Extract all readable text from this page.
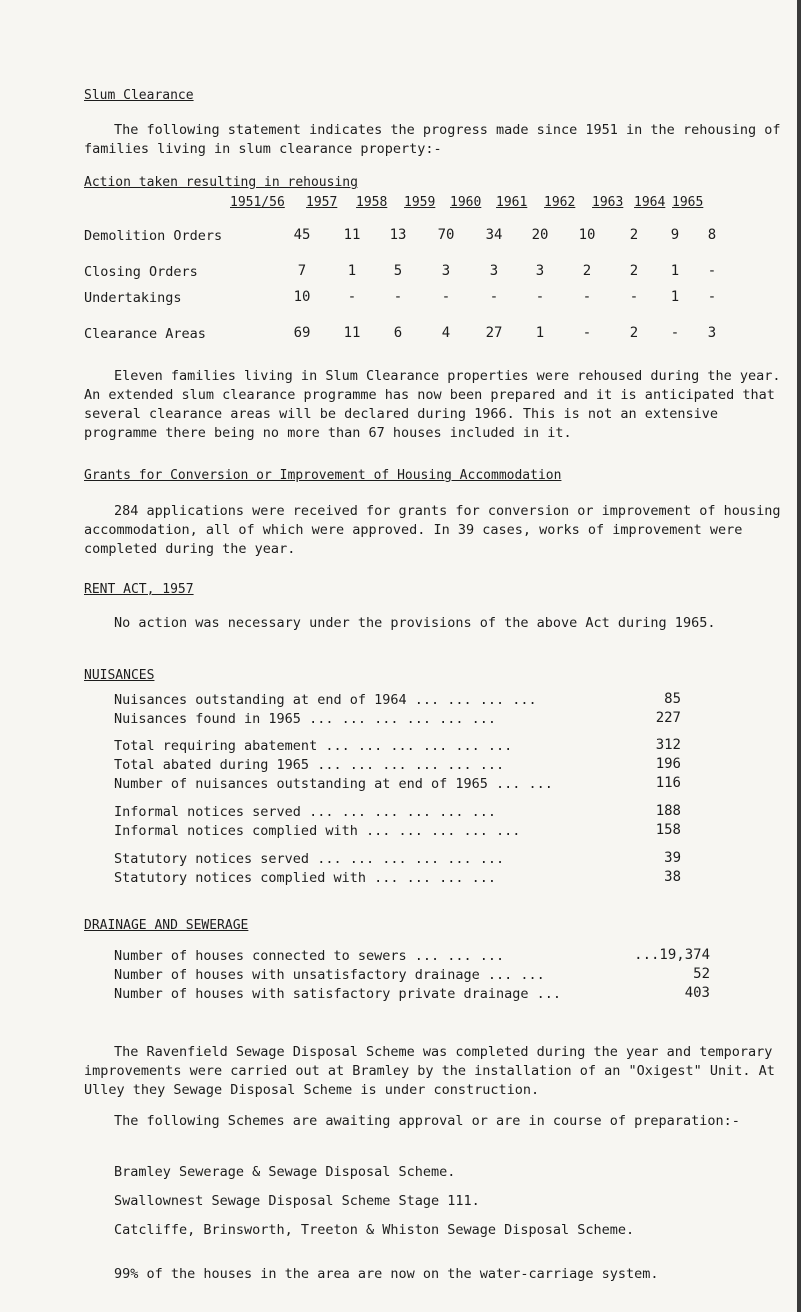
Slum Clearance

The following statement indicates the progress made since 1951 in the rehousing of families living in slum clearance property:-

Action taken resulting in rehousing
1951/56 1957 1958 1959 1960 1961 1962 1963 1964 1965
Demolition Orders	45	11	13	70	34	20	10	2	9	8
Closing Orders	7	1	5	3	3	3	2	2	1	-
Undertakings	10	-	-	-	-	-	-	-	1	-
Clearance Areas	69	11	6	4	27	1	-	2	-	3

Eleven families living in Slum Clearance properties were rehoused during the year. An extended slum clearance programme has now been prepared and it is anticipated that several clearance areas will be declared during 1966. This is not an extensive programme there being no more than 67 houses included in it.

Grants for Conversion or Improvement of Housing Accommodation

284 applications were received for grants for conversion or improvement of housing accommodation, all of which were approved. In 39 cases, works of improvement were completed during the year.

RENT ACT, 1957

No action was necessary under the provisions of the above Act during 1965.

NUISANCES
Nuisances outstanding at end of 1964 ... ... ... ...	85
Nuisances found in 1965 ... ... ... ... ... ...	227
Total requiring abatement ... ... ... ... ... ...	312
Total abated during 1965 ... ... ... ... ... ...	196
Number of nuisances outstanding at end of 1965 ... ...	116
Informal notices served ... ... ... ... ... ...	188
Informal notices complied with ... ... ... ... ...	158
Statutory notices served ... ... ... ... ... ...	39
Statutory notices complied with ... ... ... ...	38
DRAINAGE AND SEWERAGE
Number of houses connected to sewers ... ... ...	...19,374
Number of houses with unsatisfactory drainage ... ...	52
Number of houses with satisfactory private drainage ...	403

The Ravenfield Sewage Disposal Scheme was completed during the year and temporary improvements were carried out at Bramley by the installation of an "Oxigest" Unit. At Ulley they Sewage Disposal Scheme is under construction.

The following Schemes are awaiting approval or are in course of preparation:-

Bramley Sewerage & Sewage Disposal Scheme.
Swallownest Sewage Disposal Scheme Stage 111.
Catcliffe, Brinsworth, Treeton & Whiston Sewage Disposal Scheme.

99% of the houses in the area are now on the water-carriage system.
